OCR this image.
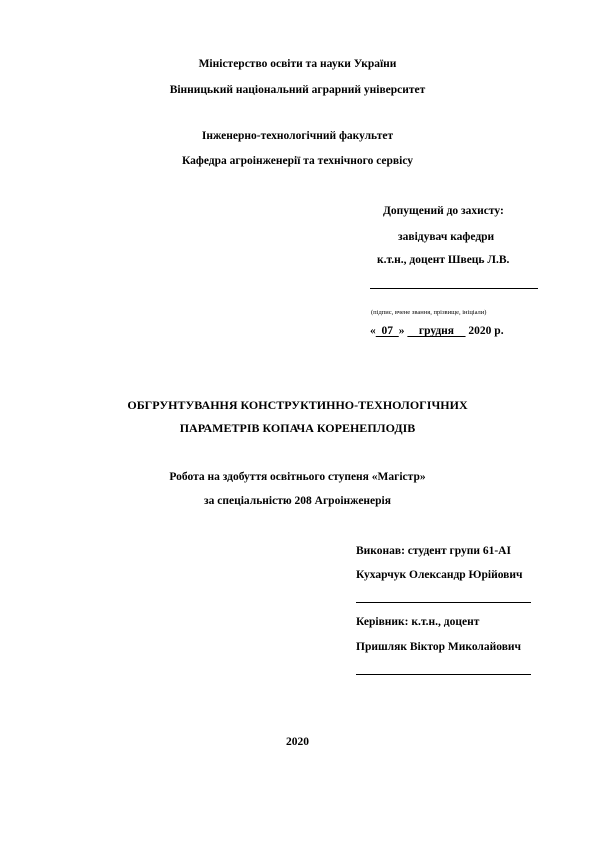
Міністерство освіти та науки України
Вінницький національний аграрний університет
Інженерно-технологічний факультет
Кафедра агроінженерії та технічного сервісу
Допущений до захисту:
завідувач кафедри
к.т.н., доцент Швець Л.В.
(підпис, вчене звання, прізвище, ініціали)
«  07  »     грудня     2020 р.
ОБГРУНТУВАННЯ КОНСТРУКТИННО-ТЕХНОЛОГІЧНИХ
ПАРАМЕТРІВ КОПАЧА КОРЕНЕПЛОДІВ
Робота на здобуття освітнього ступеня «Магістр»
за спеціальністю 208 Агроінженерія
Виконав: студент групи 61-АІ
Кухарчук Олександр Юрійович
Керівник: к.т.н., доцент
Пришляк Віктор Миколайович
2020
